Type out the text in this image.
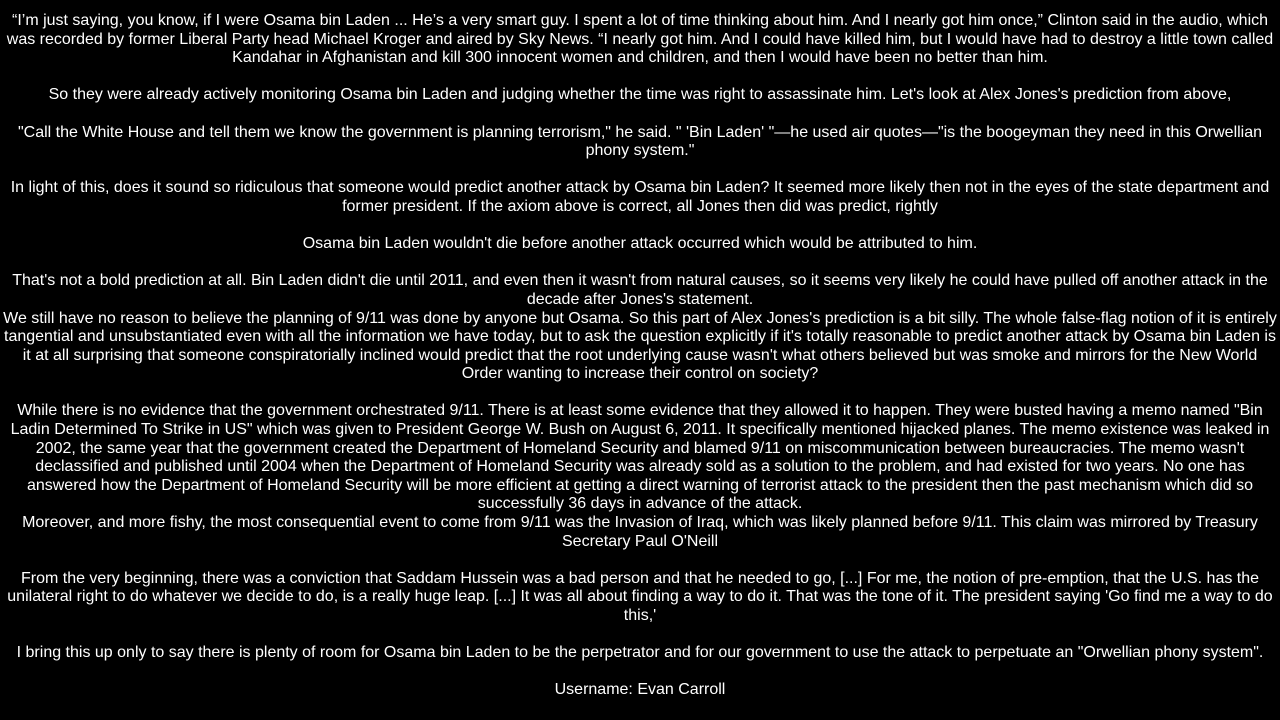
“I’m just saying, you know, if I were Osama bin Laden ... He’s a very smart guy. I spent a lot of time thinking about him. And I nearly got him once,” Clinton said in the audio, which was recorded by former Liberal Party head Michael Kroger and aired by Sky News. “I nearly got him. And I could have killed him, but I would have had to destroy a little town called Kandahar in Afghanistan and kill 300 innocent women and children, and then I would have been no better than him.

So they were already actively monitoring Osama bin Laden and judging whether the time was right to assassinate him. Let's look at Alex Jones's prediction from above,

"Call the White House and tell them we know the government is planning terrorism," he said. " 'Bin Laden' "—he used air quotes—"is the boogeyman they need in this Orwellian phony system."

In light of this, does it sound so ridiculous that someone would predict another attack by Osama bin Laden? It seemed more likely then not in the eyes of the state department and former president. If the axiom above is correct, all Jones then did was predict, rightly

Osama bin Laden wouldn't die before another attack occurred which would be attributed to him.

That's not a bold prediction at all. Bin Laden didn't die until 2011, and even then it wasn't from natural causes, so it seems very likely he could have pulled off another attack in the decade after Jones's statement.

We still have no reason to believe the planning of 9/11 was done by anyone but Osama. So this part of Alex Jones's prediction is a bit silly. The whole false-flag notion of it is entirely tangential and unsubstantiated even with all the information we have today, but to ask the question explicitly if it's totally reasonable to predict another attack by Osama bin Laden is it at all surprising that someone conspiratorially inclined would predict that the root underlying cause wasn't what others believed but was smoke and mirrors for the New World Order wanting to increase their control on society?

While there is no evidence that the government orchestrated 9/11. There is at least some evidence that they allowed it to happen. They were busted having a memo named "Bin Ladin Determined To Strike in US" which was given to President George W. Bush on August 6, 2011. It specifically mentioned hijacked planes. The memo existence was leaked in 2002, the same year that the government created the Department of Homeland Security and blamed 9/11 on miscommunication between bureaucracies. The memo wasn't declassified and published until 2004 when the Department of Homeland Security was already sold as a solution to the problem, and had existed for two years. No one has answered how the Department of Homeland Security will be more efficient at getting a direct warning of terrorist attack to the president then the past mechanism which did so successfully 36 days in advance of the attack.

Moreover, and more fishy, the most consequential event to come from 9/11 was the Invasion of Iraq, which was likely planned before 9/11. This claim was mirrored by Treasury Secretary Paul O'Neill

From the very beginning, there was a conviction that Saddam Hussein was a bad person and that he needed to go, [...] For me, the notion of pre-emption, that the U.S. has the unilateral right to do whatever we decide to do, is a really huge leap. [...] It was all about finding a way to do it. That was the tone of it. The president saying 'Go find me a way to do this,'

I bring this up only to say there is plenty of room for Osama bin Laden to be the perpetrator and for our government to use the attack to perpetuate an "Orwellian phony system".

Username: Evan Carroll
